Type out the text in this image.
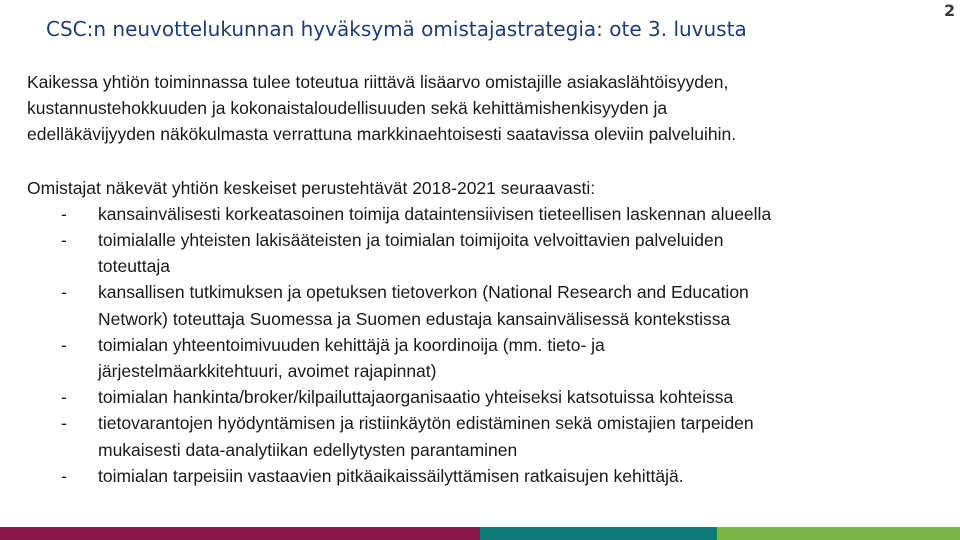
CSC:n neuvottelukunnan hyväksymä omistajastrategia: ote 3. luvusta
2

Kaikessa yhtiön toiminnassa tulee toteutua riittävä lisäarvo omistajille asiakaslähtöisyyden,
kustannustehokkuuden ja kokonaistaloudellisuuden sekä kehittämishenkisyyden ja
edelläkävijyyden näkökulmasta verrattuna markkinaehtoisesti saatavissa oleviin palveluihin.

Omistajat näkevät yhtiön keskeiset perustehtävät 2018-2021 seuraavasti:
- kansainvälisesti korkeatasoinen toimija dataintensiivisen tieteellisen laskennan alueella
- toimialalle yhteisten lakisääteisten ja toimialan toimijoita velvoittavien palveluiden
toteuttaja
- kansallisen tutkimuksen ja opetuksen tietoverkon (National Research and Education
Network) toteuttaja Suomessa ja Suomen edustaja kansainvälisessä kontekstissa
- toimialan yhteentoimivuuden kehittäjä ja koordinoija (mm. tieto- ja
järjestelmäarkkitehtuuri, avoimet rajapinnat)
- toimialan hankinta/broker/kilpailuttajaorganisaatio yhteiseksi katsotuissa kohteissa
- tietovarantojen hyödyntämisen ja ristiinkäytön edistäminen sekä omistajien tarpeiden
mukaisesti data-analytiikan edellytysten parantaminen
- toimialan tarpeisiin vastaavien pitkäaikaissäilyttämisen ratkaisujen kehittäjä.
